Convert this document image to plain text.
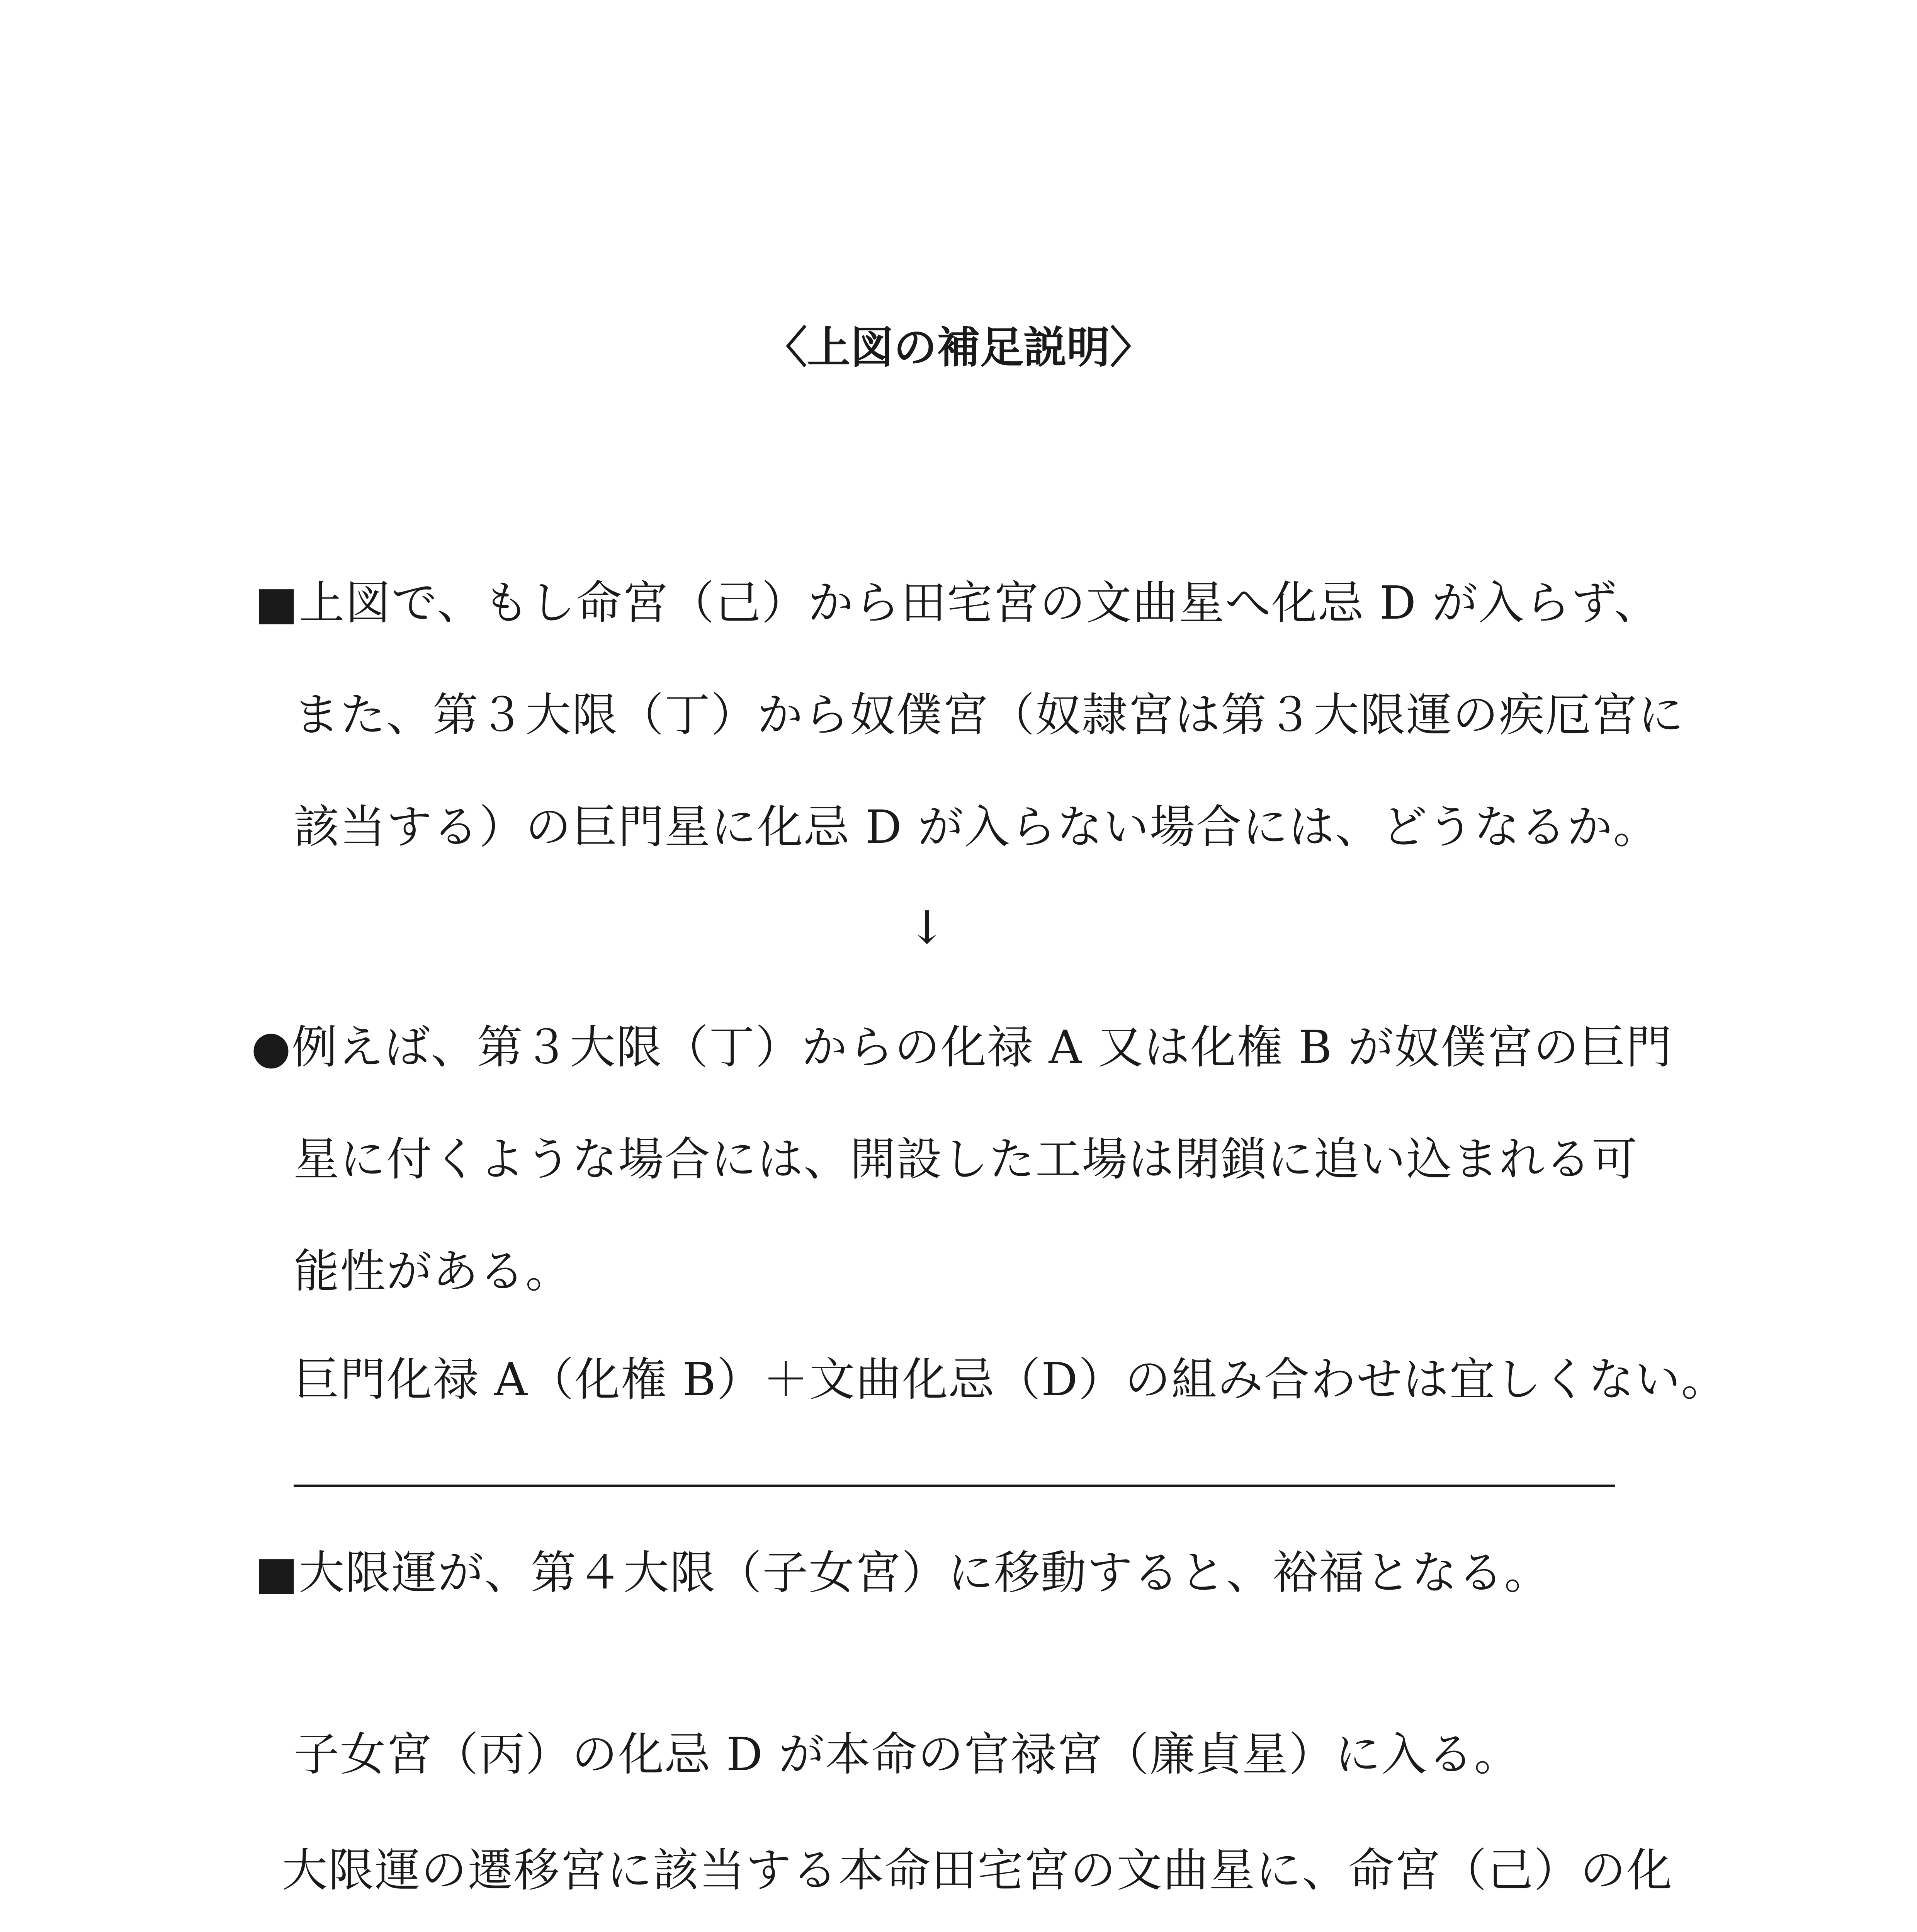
〈上図の補足説明〉
■上図で、もし命宮（己）から田宅宮の文曲星へ化忌 D が入らず、
また、第３大限（丁）から奴僕宮（奴隷宮は第３大限運の疾厄宮に
該当する）の巨門星に化忌 D が入らない場合には、どうなるか。
↓
●例えば、第３大限（丁）からの化禄 A 又は化権 B が奴僕宮の巨門
星に付くような場合には、開設した工場は閉鎖に追い込まれる可
能性がある。
巨門化禄 A（化権 B）＋文曲化忌（D）の組み合わせは宜しくない。
■大限運が、第４大限（子女宮）に移動すると、裕福となる。
子女宮（丙）の化忌 D が本命の官禄宮（廉貞星）に入る。
大限運の遷移宮に該当する本命田宅宮の文曲星に、命宮（己）の化
